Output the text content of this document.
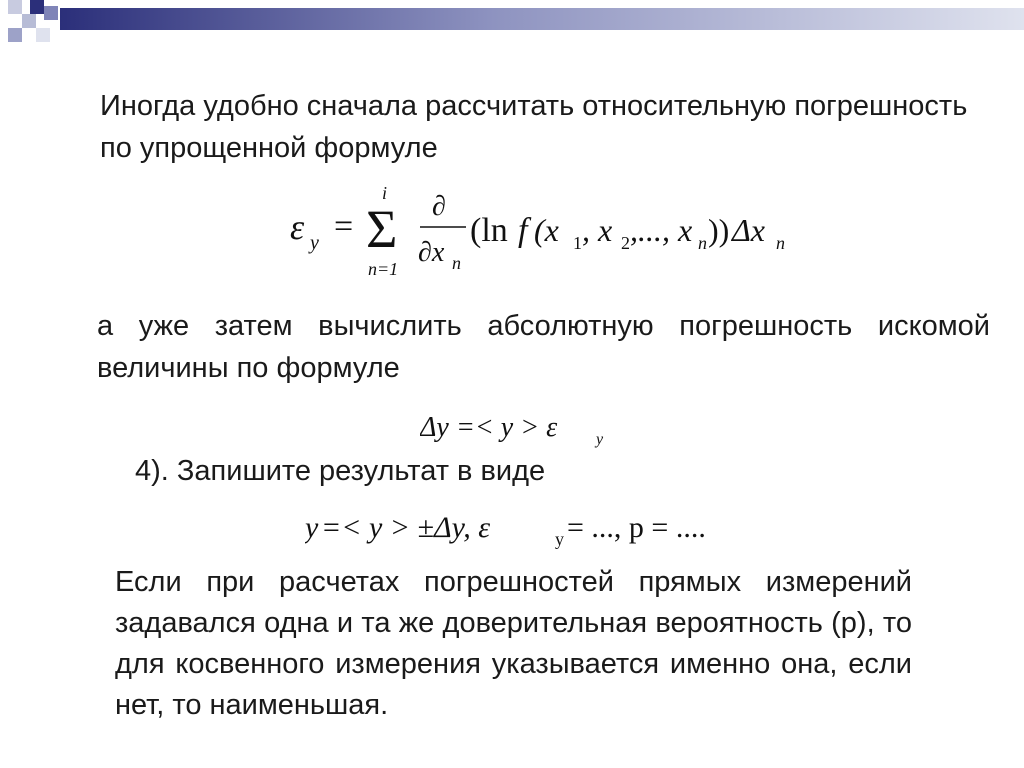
Иногда удобно сначала рассчитать относительную погрешность по упрощенной формуле
ε y = Σ
i
n=1
∂
∂x n
(ln f (x 1 , x 2 ,..., x n )) Δx n
а уже затем вычислить абсолютную погрешность искомой величины по формуле
Δy =< y > ε y
4). Запишите результат в виде
y =< y > ±Δy, ε	y = ..., p = ....
Если при расчетах погрешностей прямых измерений задавался одна и та же доверительная вероятность (р), то для косвенного измерения указывается именно она, если нет, то наименьшая.
